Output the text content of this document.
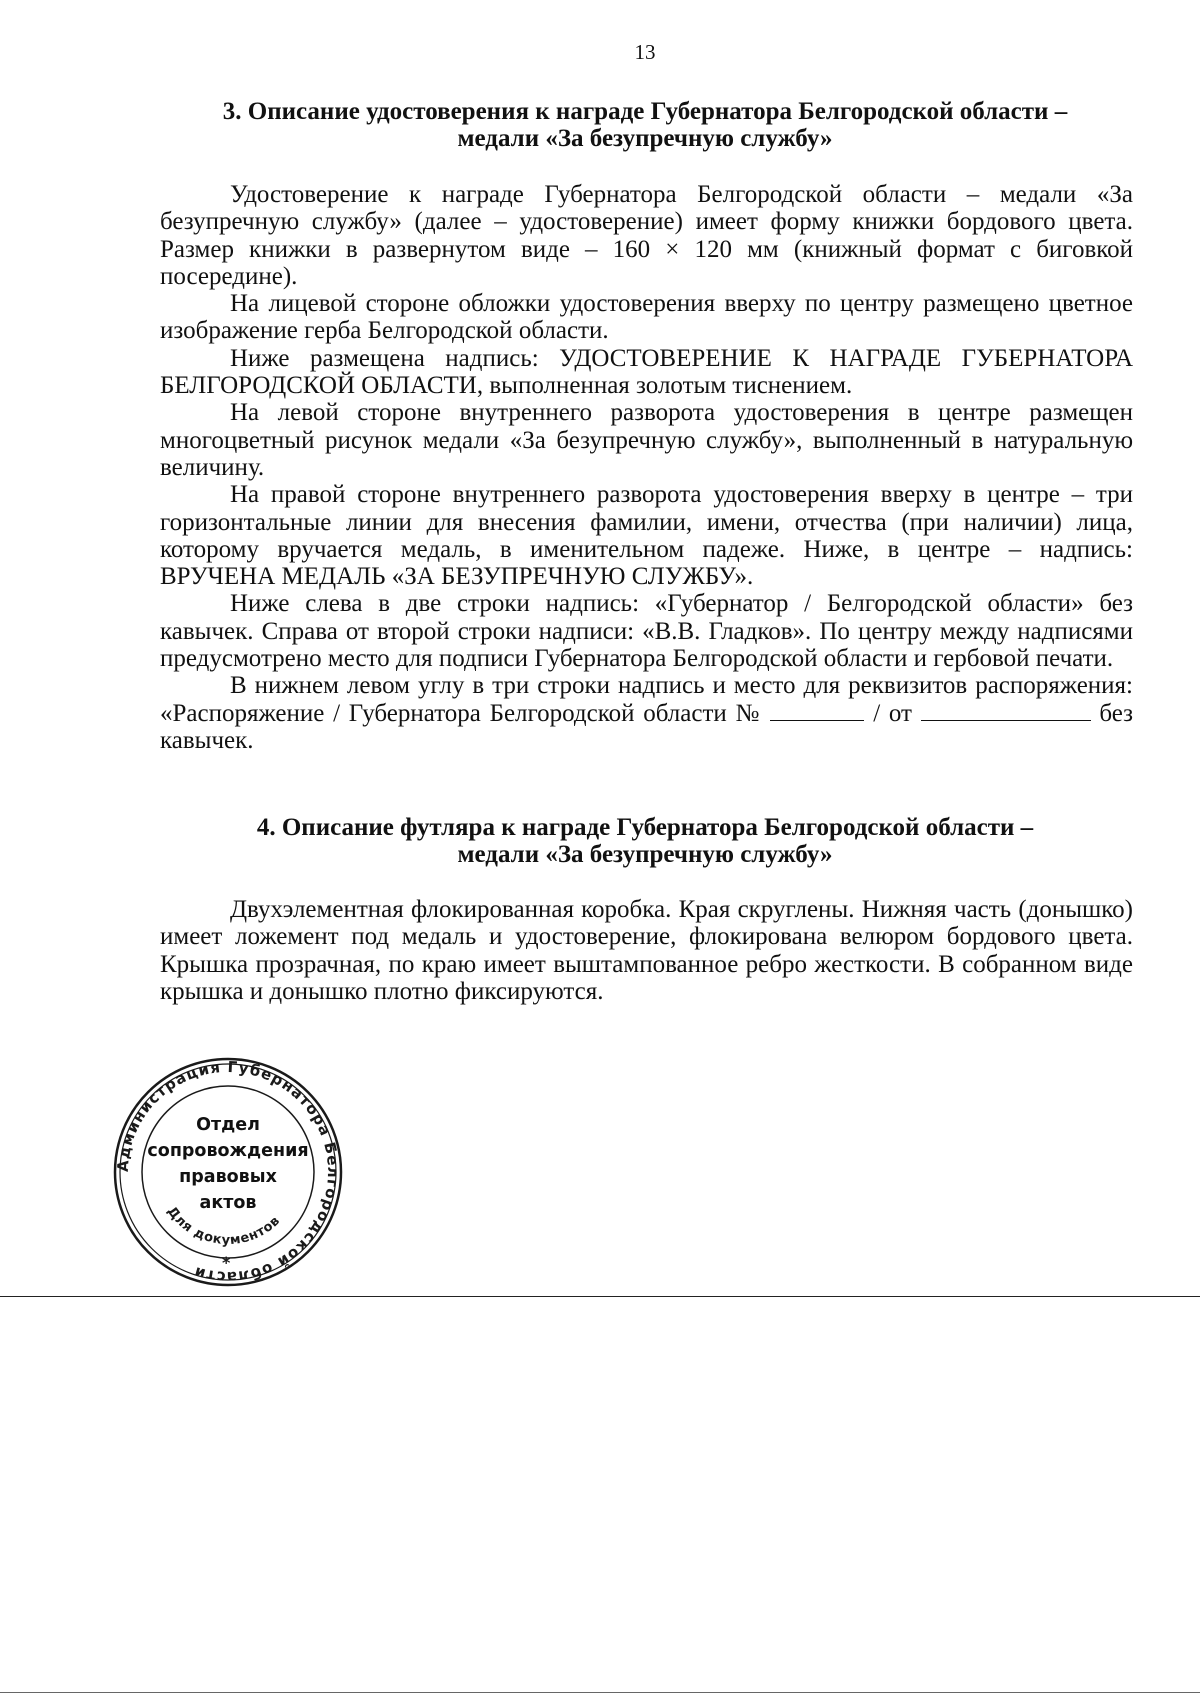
13
3. Описание удостоверения к награде Губернатора Белгородской области –
медали «За безупречную службу»

Удостоверение к награде Губернатора Белгородской области – медали «За безупречную службу» (далее – удостоверение) имеет форму книжки бордового цвета. Размер книжки в развернутом виде – 160 × 120 мм (книжный формат с биговкой посередине).

На лицевой стороне обложки удостоверения вверху по центру размещено цветное изображение герба Белгородской области.

Ниже размещена надпись: УДОСТОВЕРЕНИЕ К НАГРАДЕ ГУБЕРНАТОРА БЕЛГОРОДСКОЙ ОБЛАСТИ, выполненная золотым тиснением.

На левой стороне внутреннего разворота удостоверения в центре размещен многоцветный рисунок медали «За безупречную службу», выполненный в натуральную величину.

На правой стороне внутреннего разворота удостоверения вверху в центре – три горизонтальные линии для внесения фамилии, имени, отчества (при наличии) лица, которому вручается медаль, в именительном падеже. Ниже, в центре – надпись: ВРУЧЕНА МЕДАЛЬ «ЗА БЕЗУПРЕЧНУЮ СЛУЖБУ».

Ниже слева в две строки надпись: «Губернатор / Белгородской области» без кавычек. Справа от второй строки надписи: «В.В. Гладков». По центру между надписями предусмотрено место для подписи Губернатора Белгородской области и гербовой печати.

В нижнем левом углу в три строки надпись и место для реквизитов распоряжения: «Распоряжение / Губернатора Белгородской области №	/ от	без кавычек.

4. Описание футляра к награде Губернатора Белгородской области –
медали «За безупречную службу»

Двухэлементная флокированная коробка. Края скруглены. Нижняя часть (донышко) имеет ложемент под медаль и удостоверение, флокирована велюром бордового цвета. Крышка прозрачная, по краю имеет выштампованное ребро жесткости. В собранном виде крышка и донышко плотно фиксируются.

Администрация Губернатора Белгородской области
Для документов
*
Отдел
сопровождения
правовых
актов
